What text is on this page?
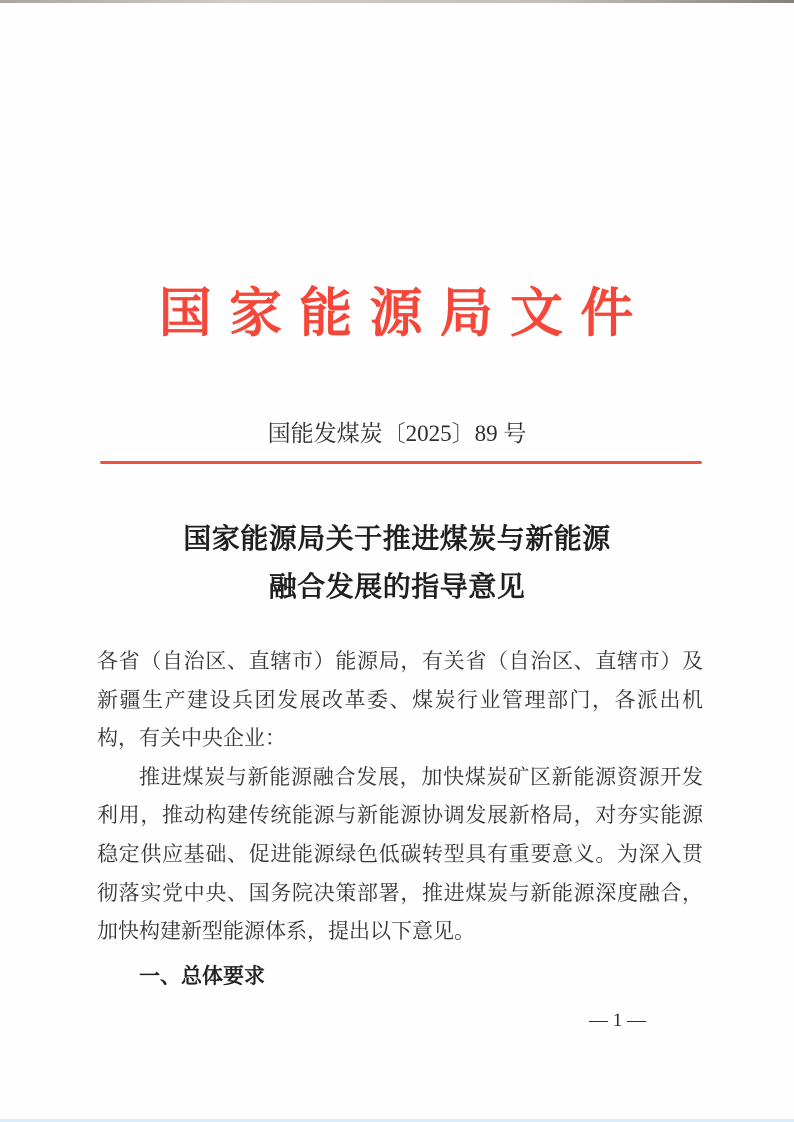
国 家 能 源 局 文 件
国能发煤炭〔2025〕89 号
国家能源局关于推进煤炭与新能源
融合发展的指导意见

各省（自治区、直辖市）能源局，有关省（自治区、直辖市）及新疆生产建设兵团发展改革委、煤炭行业管理部门，各派出机构，有关中央企业：

推进煤炭与新能源融合发展，加快煤炭矿区新能源资源开发利用，推动构建传统能源与新能源协调发展新格局，对夯实能源稳定供应基础、促进能源绿色低碳转型具有重要意义。为深入贯彻落实党中央、国务院决策部署，推进煤炭与新能源深度融合，加快构建新型能源体系，提出以下意见。

一、总体要求

— 1 —
